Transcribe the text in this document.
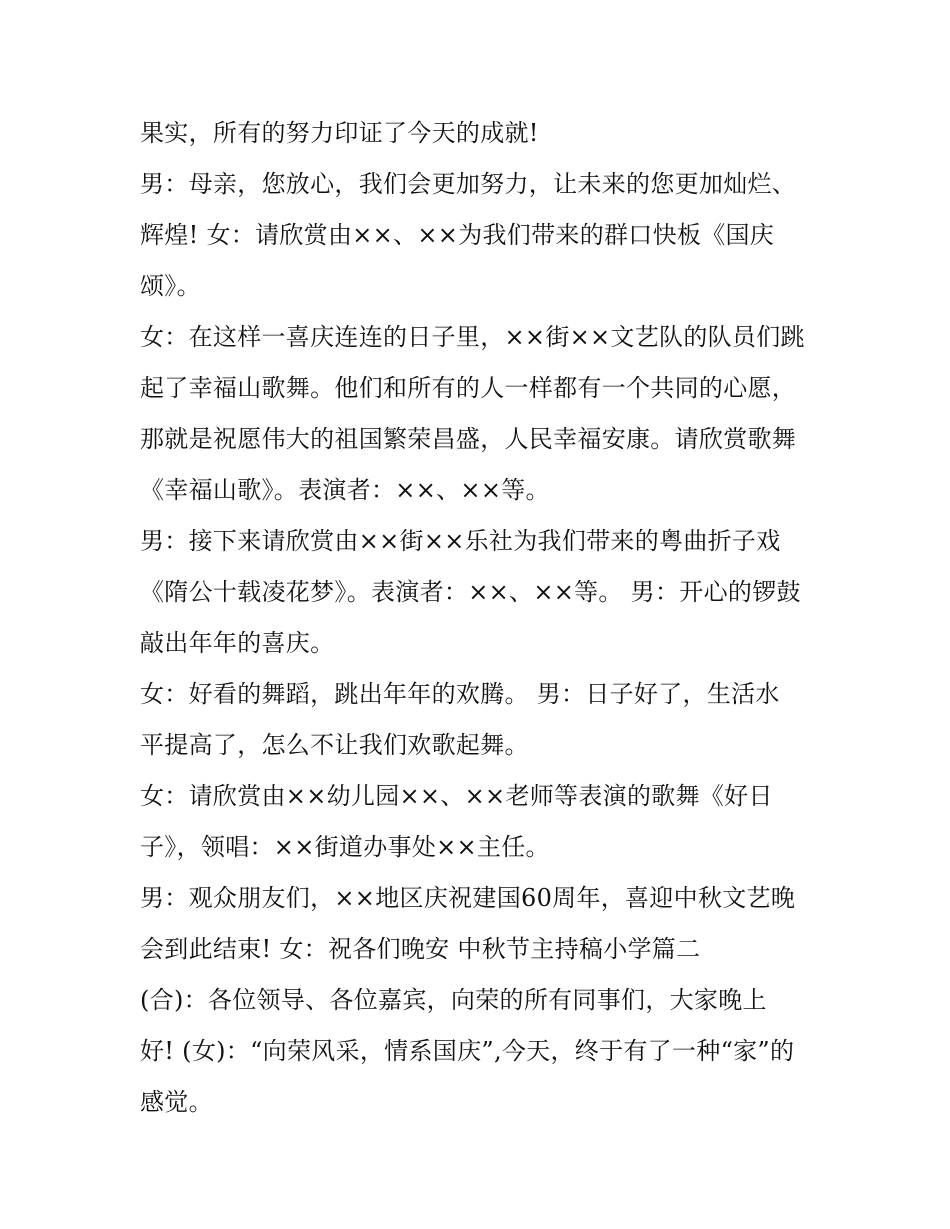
果实，所有的努力印证了今天的成就!
男：母亲，您放心，我们会更加努力，让未来的您更加灿烂、
辉煌! 女：请欣赏由××、××为我们带来的群口快板《国庆
颂》。
女：在这样一喜庆连连的日子里，××街××文艺队的队员们跳
起了幸福山歌舞。他们和所有的人一样都有一个共同的心愿，
那就是祝愿伟大的祖国繁荣昌盛，人民幸福安康。请欣赏歌舞
《幸福山歌》。表演者：××、××等。
男：接下来请欣赏由××街××乐社为我们带来的粤曲折子戏
《隋公十载凌花梦》。表演者：××、××等。 男：开心的锣鼓
敲出年年的喜庆。
女：好看的舞蹈，跳出年年的欢腾。 男：日子好了，生活水
平提高了，怎么不让我们欢歌起舞。
女：请欣赏由××幼儿园××、××老师等表演的歌舞《好日
子》，领唱：××街道办事处××主任。
男：观众朋友们，××地区庆祝建国60周年，喜迎中秋文艺晚
会到此结束! 女：祝各们晚安 中秋节主持稿小学篇二
(合)：各位领导、各位嘉宾，向荣的所有同事们，大家晚上
好! (女)：“向荣风采，情系国庆”,今天，终于有了一种“家”的
感觉。
